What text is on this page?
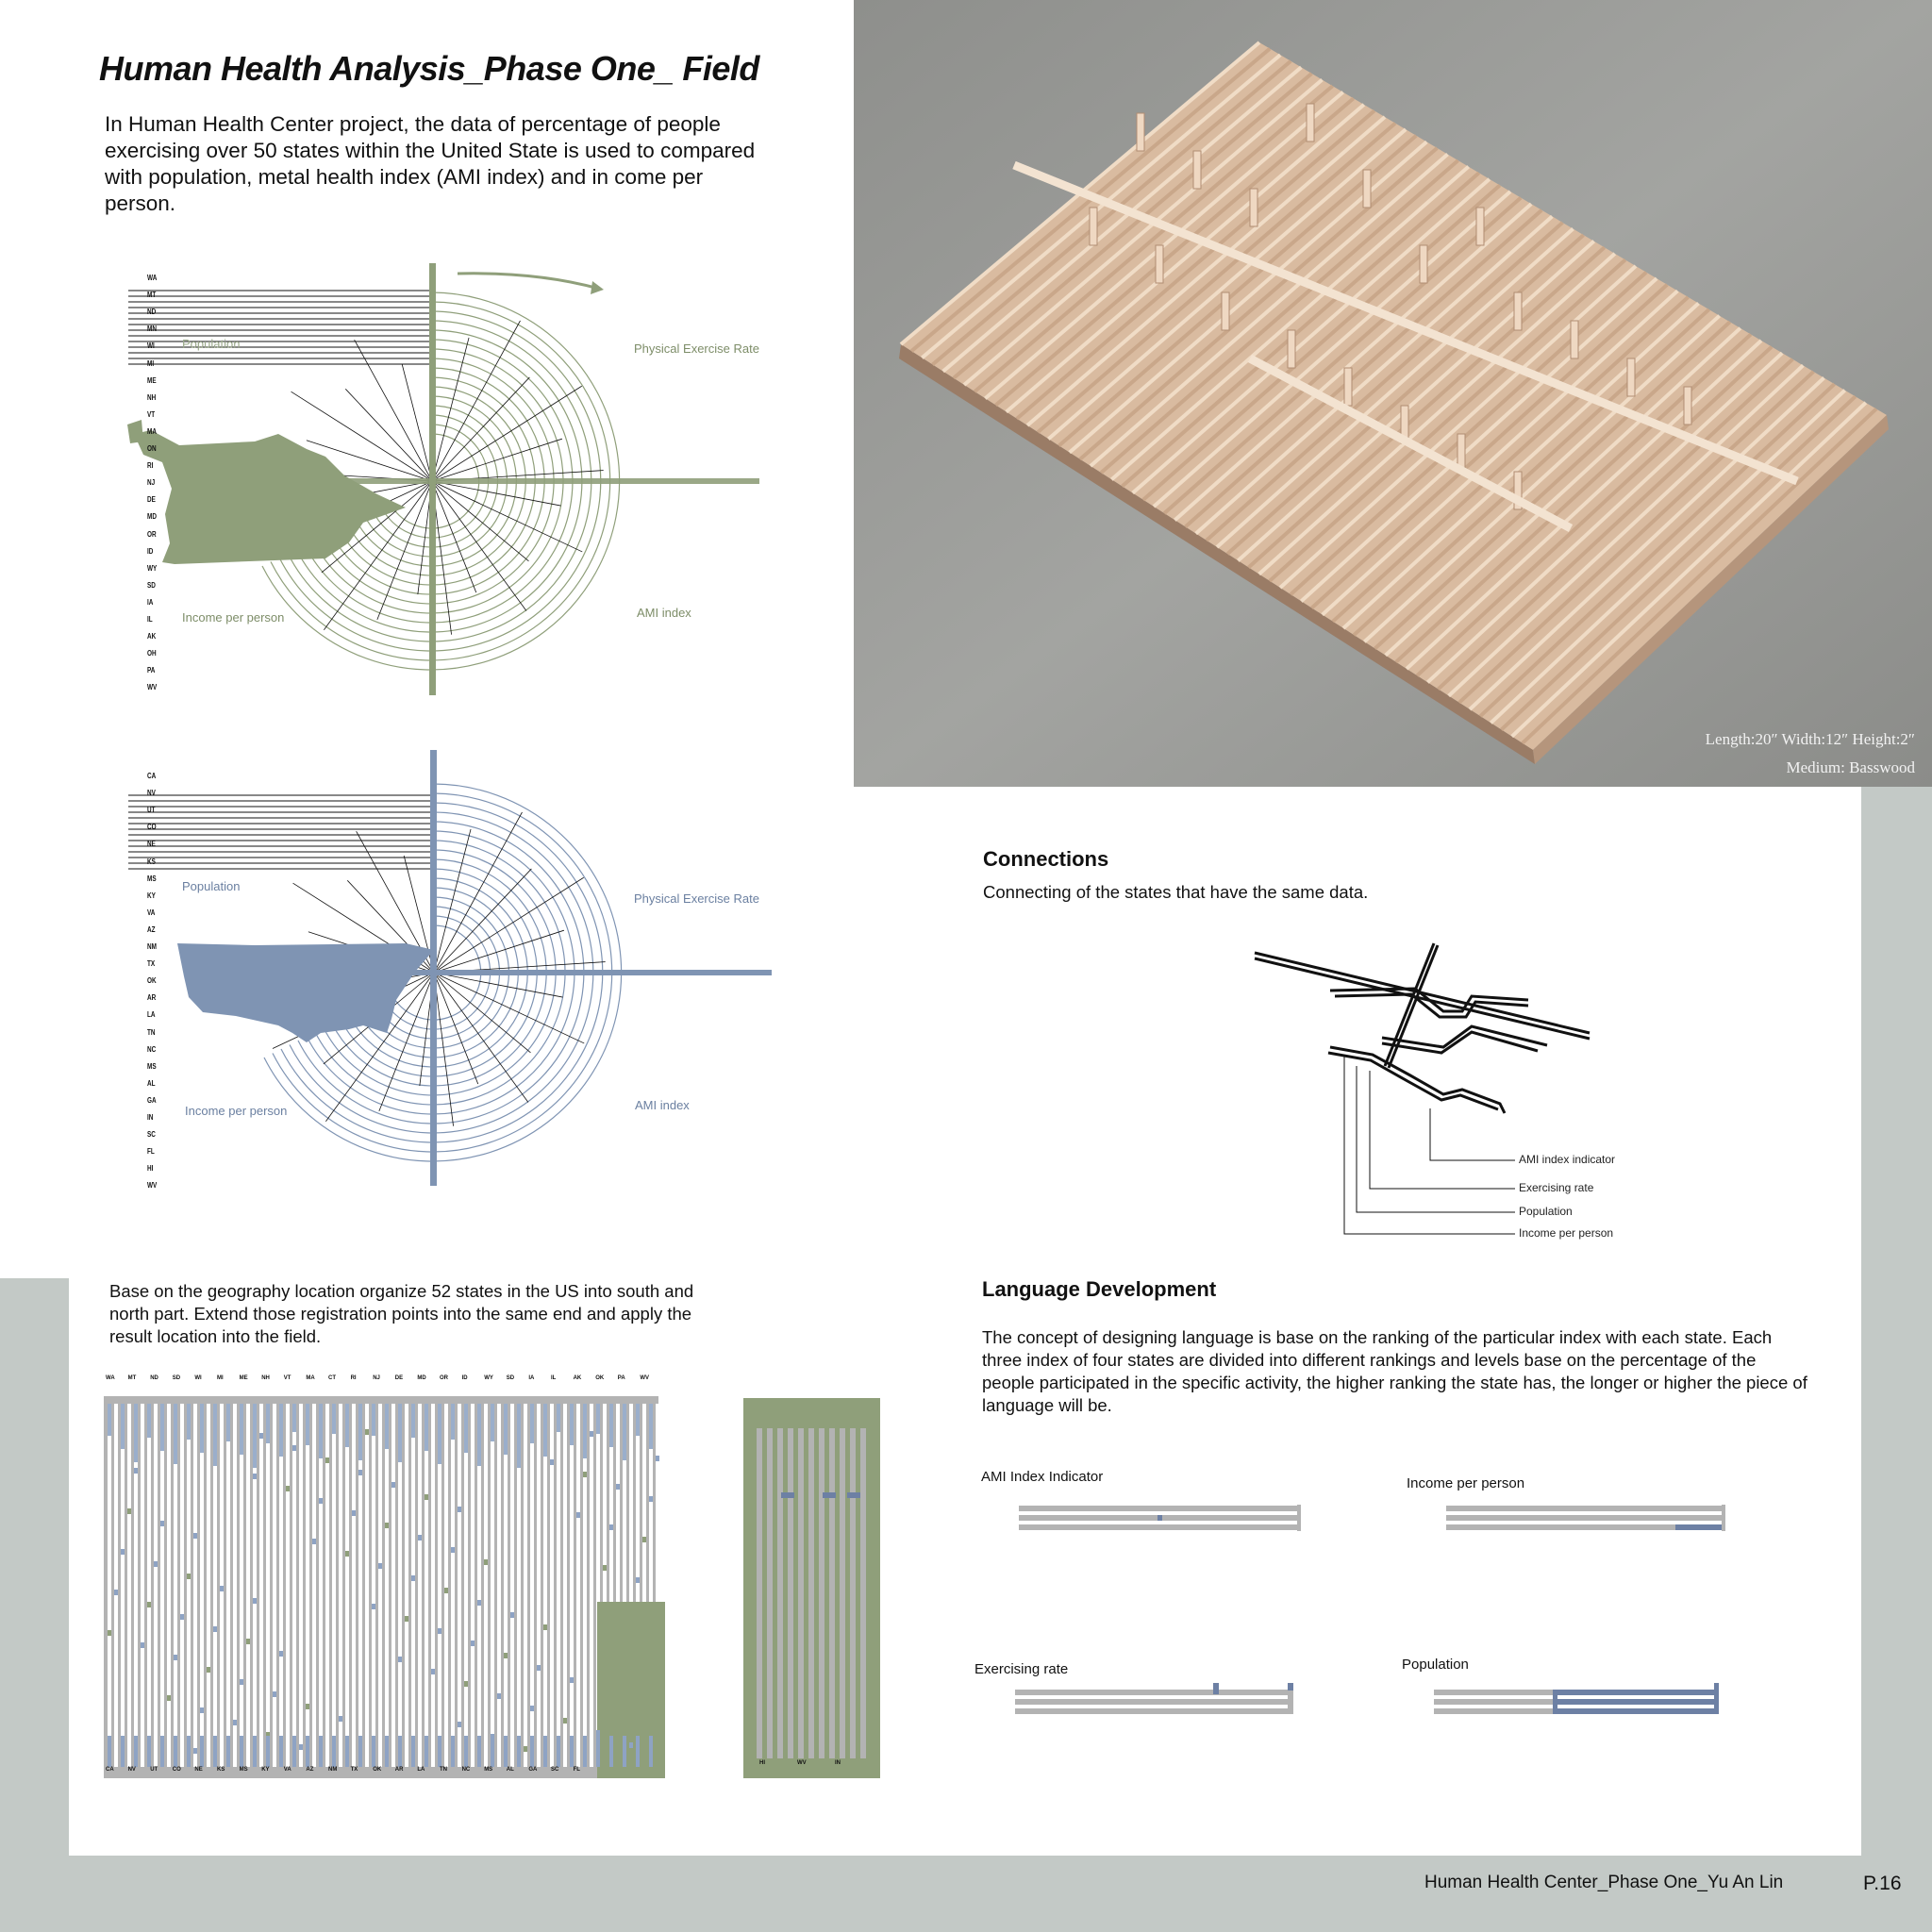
Human Health Analysis_Phase One_ Field
In Human Health Center project, the data of percentage of people exercising over 50 states within the United State is used to compared with population, metal health index (AMI index) and in come per person.
WA
MT
ND
MN
WI
MI
ME
NH
VT
MA
ON
RI
NJ
DE
MD
OR
ID
WY
SD
IA
IL
AK
OH
PA
WV
Physical Exercise Rate
Population
Income per person	AMI index
CA
NV
UT
CO
NE
KS
MS
KY
VA
AZ
NM
TX
OK
AR
LA
TN
NC
MS
AL
GA
IN
SC
FL
HI
WV
Physical Exercise Rate
Population
Income per person	AMI index
Length:20″ Width:12″ Height:2″
Medium: Basswood
Connections
Connecting of the states that have the same data.
AMI index indicator
Exercising rate
Population
Income per person
Base on the geography location organize 52 states in the US into south and north part. Extend those registration points into the same end and apply the result location into the field.
WA MT ND SD	WI	MI	ME NH VT	MA CT	RI	NJ	DE	MD OR ID	WY SD	IA	IL	AK OK PA	WV
CA NV	UT	CO NE	KS	MS KY	VA	AZ	NM TX	OK AR LA	TN	NC MS AL	GA SC	FL
HI	WV	IN
Language Development
The concept of designing language is base on the ranking of the particular index with each state. Each three index of four states are divided into different rankings and levels base on the percentage of the people participated in the specific activity, the higher ranking the state has, the longer or higher the piece of language will be.
AMI Index Indicator	Income per person
Exercising rate	Population
Human Health Center_Phase One_Yu An Lin	P.16
